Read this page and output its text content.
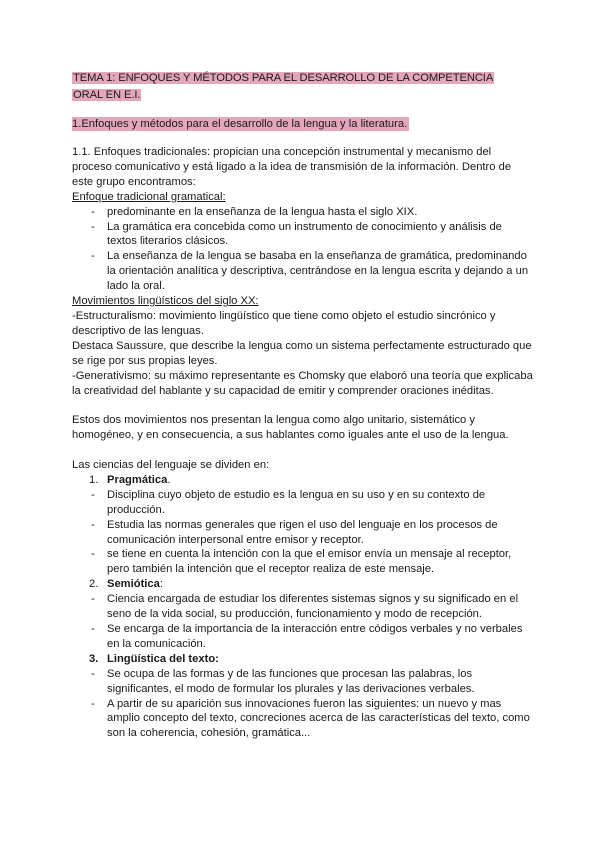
TEMA 1: ENFOQUES Y MÉTODOS PARA EL DESARROLLO DE LA COMPETENCIA
ORAL EN E.I.
1.Enfoques y métodos para el desarrollo de la lengua y la literatura.

1.1. Enfoques tradicionales: propician una concepción instrumental y mecanismo del proceso comunicativo y está ligado a la idea de transmisión de la información. Dentro de este grupo encontramos:

Enfoque tradicional gramatical:

- predominante en la enseñanza de la lengua hasta el siglo XIX.
- La gramática era concebida como un instrumento de conocimiento y análisis de textos literarios clásicos.
- La enseñanza de la lengua se basaba en la enseñanza de gramática, predominando la orientación analítica y descriptiva, centrándose en la lengua escrita y dejando a un lado la oral.

Movimientos lingüísticos del siglo XX:

-Estructuralismo: movimiento lingüístico que tiene como objeto el estudio sincrónico y descriptivo de las lenguas.

Destaca Saussure, que describe la lengua como un sistema perfectamente estructurado que se rige por sus propias leyes.

-Generativismo: su máximo representante es Chomsky que elaboró una teoría que explicaba la creatividad del hablante y su capacidad de emitir y comprender oraciones inéditas.

Estos dos movimientos nos presentan la lengua como algo unitario, sistemático y homogéneo, y en consecuencia, a sus hablantes como iguales ante el uso de la lengua.

Las ciencias del lenguaje se dividen en:

1. Pragmática.
- Disciplina cuyo objeto de estudio es la lengua en su uso y en su contexto de producción.
- Estudia las normas generales que rigen el uso del lenguaje en los procesos de comunicación interpersonal entre emisor y receptor.
- se tiene en cuenta la intención con la que el emisor envía un mensaje al receptor, pero también la intención que el receptor realiza de este mensaje.
2. Semiótica:
- Ciencia encargada de estudiar los diferentes sistemas signos y su significado en el seno de la vida social, su producción, funcionamiento y modo de recepción.
- Se encarga de la importancia de la interacción entre códigos verbales y no verbales en la comunicación.
3. Lingüística del texto:
- Se ocupa de las formas y de las funciones que procesan las palabras, los significantes, el modo de formular los plurales y las derivaciones verbales.
- A partir de su aparición sus innovaciones fueron las siguientes: un nuevo y mas amplio concepto del texto, concreciones acerca de las características del texto, como son la coherencia, cohesión, gramática...
